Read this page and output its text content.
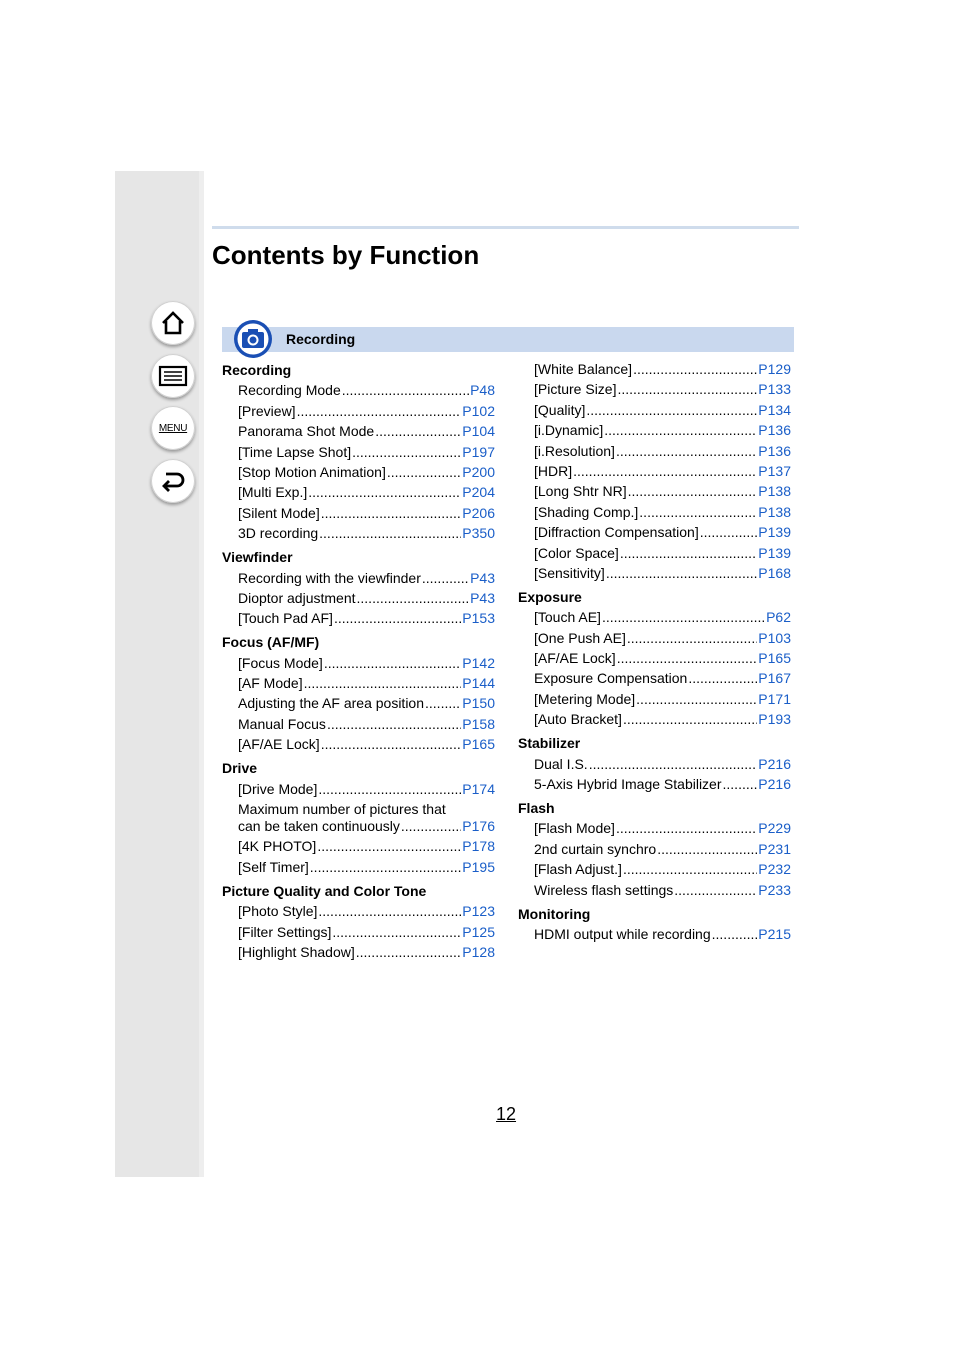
MENU
Contents by Function
Recording
Recording
Recording Mode .....	P48
[Preview] .....	P102
Panorama Shot Mode .....	P104
[Time Lapse Shot] .....	P197
[Stop Motion Animation] .....	P200
[Multi Exp.] .....	P204
[Silent Mode] .....	P206
3D recording .....	P350
Viewfinder
Recording with the viewfinder .....	P43
Dioptor adjustment .....	P43
[Touch Pad AF] .....	P153
Focus (AF/MF)
[Focus Mode] .....	P142
[AF Mode] .....	P144
Adjusting the AF area position .....	P150
Manual Focus .....	P158
[AF/AE Lock] .....	P165
Drive
[Drive Mode] .....	P174
Maximum number of pictures that
can be taken continuously .....	P176
[4K PHOTO] .....	P178
[Self Timer] .....	P195
Picture Quality and Color Tone
[Photo Style] .....	P123
[Filter Settings] .....	P125
[Highlight Shadow] .....	P128
[White Balance] .....	P129
[Picture Size] .....	P133
[Quality] .....	P134
[i.Dynamic] .....	P136
[i.Resolution] .....	P136
[HDR] .....	P137
[Long Shtr NR] .....	P138
[Shading Comp.] .....	P138
[Diffraction Compensation] .....	P139
[Color Space] .....	P139
[Sensitivity] .....	P168
Exposure
[Touch AE] .....	P62
[One Push AE] .....	P103
[AF/AE Lock] .....	P165
Exposure Compensation .....	P167
[Metering Mode] .....	P171
[Auto Bracket] .....	P193
Stabilizer
Dual I.S. .....	P216
5-Axis Hybrid Image Stabilizer .....	P216
Flash
[Flash Mode] .....	P229
2nd curtain synchro .....	P231
[Flash Adjust.] .....	P232
Wireless flash settings .....	P233
Monitoring
HDMI output while recording .....	P215
12
